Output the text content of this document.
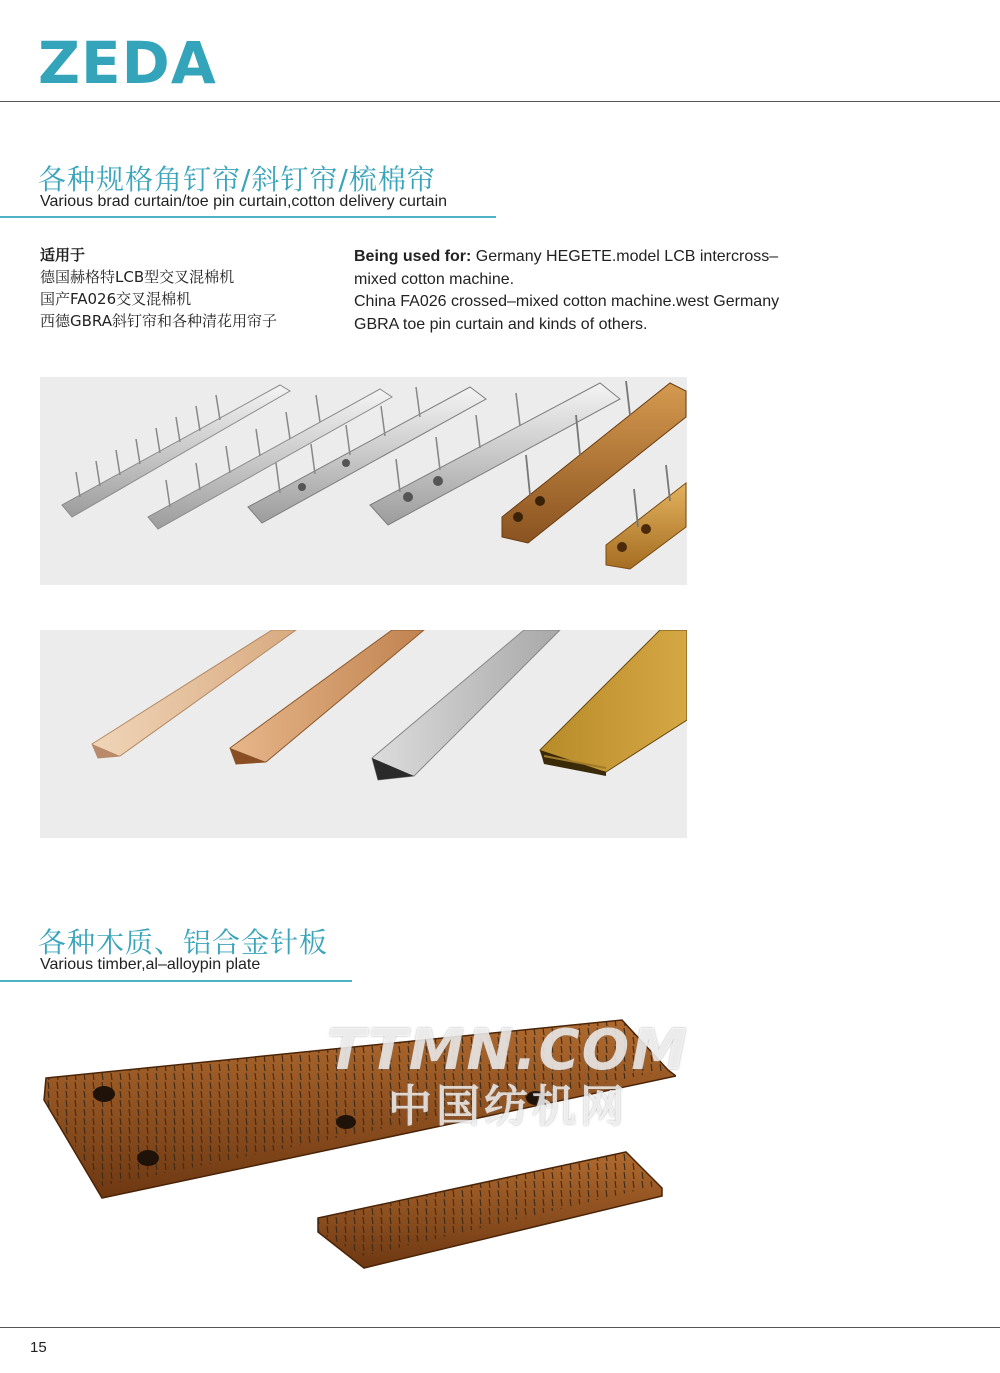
ZEDA
各种规格角钉帘/斜钉帘/梳棉帘
Various brad curtain/toe pin curtain,cotton delivery curtain
适用于
德国赫格特LCB型交叉混棉机
国产FA026交叉混棉机
西德GBRA斜钉帘和各种清花用帘子
Being used for: Germany HEGETE.model LCB intercross–
mixed cotton machine.
China FA026 crossed–mixed cotton machine.west Germany
GBRA toe pin curtain and kinds of others.
各种木质、铝合金针板
Various timber,al–alloypin plate
TTMN.COM
中国纺机网
15
